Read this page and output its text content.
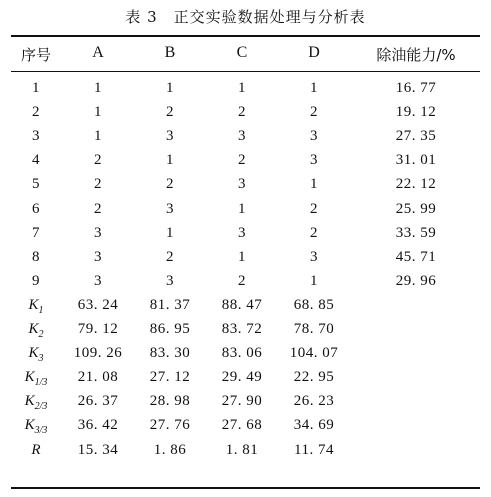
表 3 正交实验数据处理与分析表
序号	A	B	C	D	除油能力/%
1	1	1	1	1	16. 77
2	1	2	2	2	19. 12
3	1	3	3	3	27. 35
4	2	1	2	3	31. 01
5	2	2	3	1	22. 12
6	2	3	1	2	25. 99
7	3	1	3	2	33. 59
8	3	2	1	3	45. 71
9	3	3	2	1	29. 96
$K_1$	63. 24	81. 37	88. 47	68. 85
$K_2$	79. 12	86. 95	83. 72	78. 70
$K_3$	109. 26	83. 30	83. 06	104. 07
$K_{1/3}$	21. 08	27. 12	29. 49	22. 95
$K_{2/3}$	26. 37	28. 98	27. 90	26. 23
$K_{3/3}$	36. 42	27. 76	27. 68	34. 69
R	15. 34	1. 86	1. 81	11. 74
